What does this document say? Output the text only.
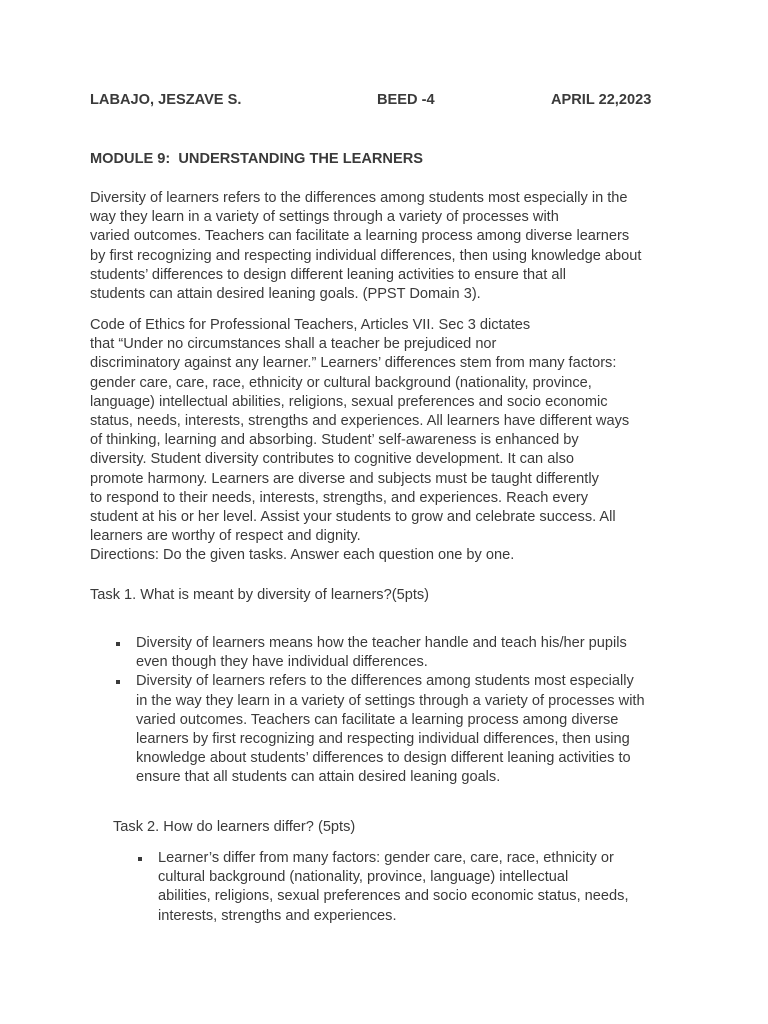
LABAJO, JESZAVE S.	BEED -4	APRIL 22,2023
MODULE 9:  UNDERSTANDING THE LEARNERS
Diversity of learners refers to the differences among students most especially in the
way they learn in a variety of settings through a variety of processes with
varied outcomes. Teachers can facilitate a learning process among diverse learners
by first recognizing and respecting individual differences, then using knowledge about
students’ differences to design different leaning activities to ensure that all
students can attain desired leaning goals. (PPST Domain 3).
Code of Ethics for Professional Teachers, Articles VII. Sec 3 dictates
that “Under no circumstances shall a teacher be prejudiced nor
discriminatory against any learner.” Learners’ differences stem from many factors:
gender care, care, race, ethnicity or cultural background (nationality, province,
language) intellectual abilities, religions, sexual preferences and socio economic
status, needs, interests, strengths and experiences. All learners have different ways
of thinking, learning and absorbing. Student’ self-awareness is enhanced by
diversity. Student diversity contributes to cognitive development. It can also
promote harmony. Learners are diverse and subjects must be taught differently
to respond to their needs, interests, strengths, and experiences. Reach every
student at his or her level. Assist your students to grow and celebrate success. All
learners are worthy of respect and dignity.
Directions: Do the given tasks. Answer each question one by one.
Task 1. What is meant by diversity of learners?(5pts)
Diversity of learners means how the teacher handle and teach his/her pupils
even though they have individual differences.
Diversity of learners refers to the differences among students most especially
in the way they learn in a variety of settings through a variety of processes with
varied outcomes. Teachers can facilitate a learning process among diverse
learners by first recognizing and respecting individual differences, then using
knowledge about students’ differences to design different leaning activities to
ensure that all students can attain desired leaning goals.
Task 2. How do learners differ? (5pts)
Learner’s differ from many factors: gender care, care, race, ethnicity or
cultural background (nationality, province, language) intellectual
abilities, religions, sexual preferences and socio economic status, needs,
interests, strengths and experiences.
